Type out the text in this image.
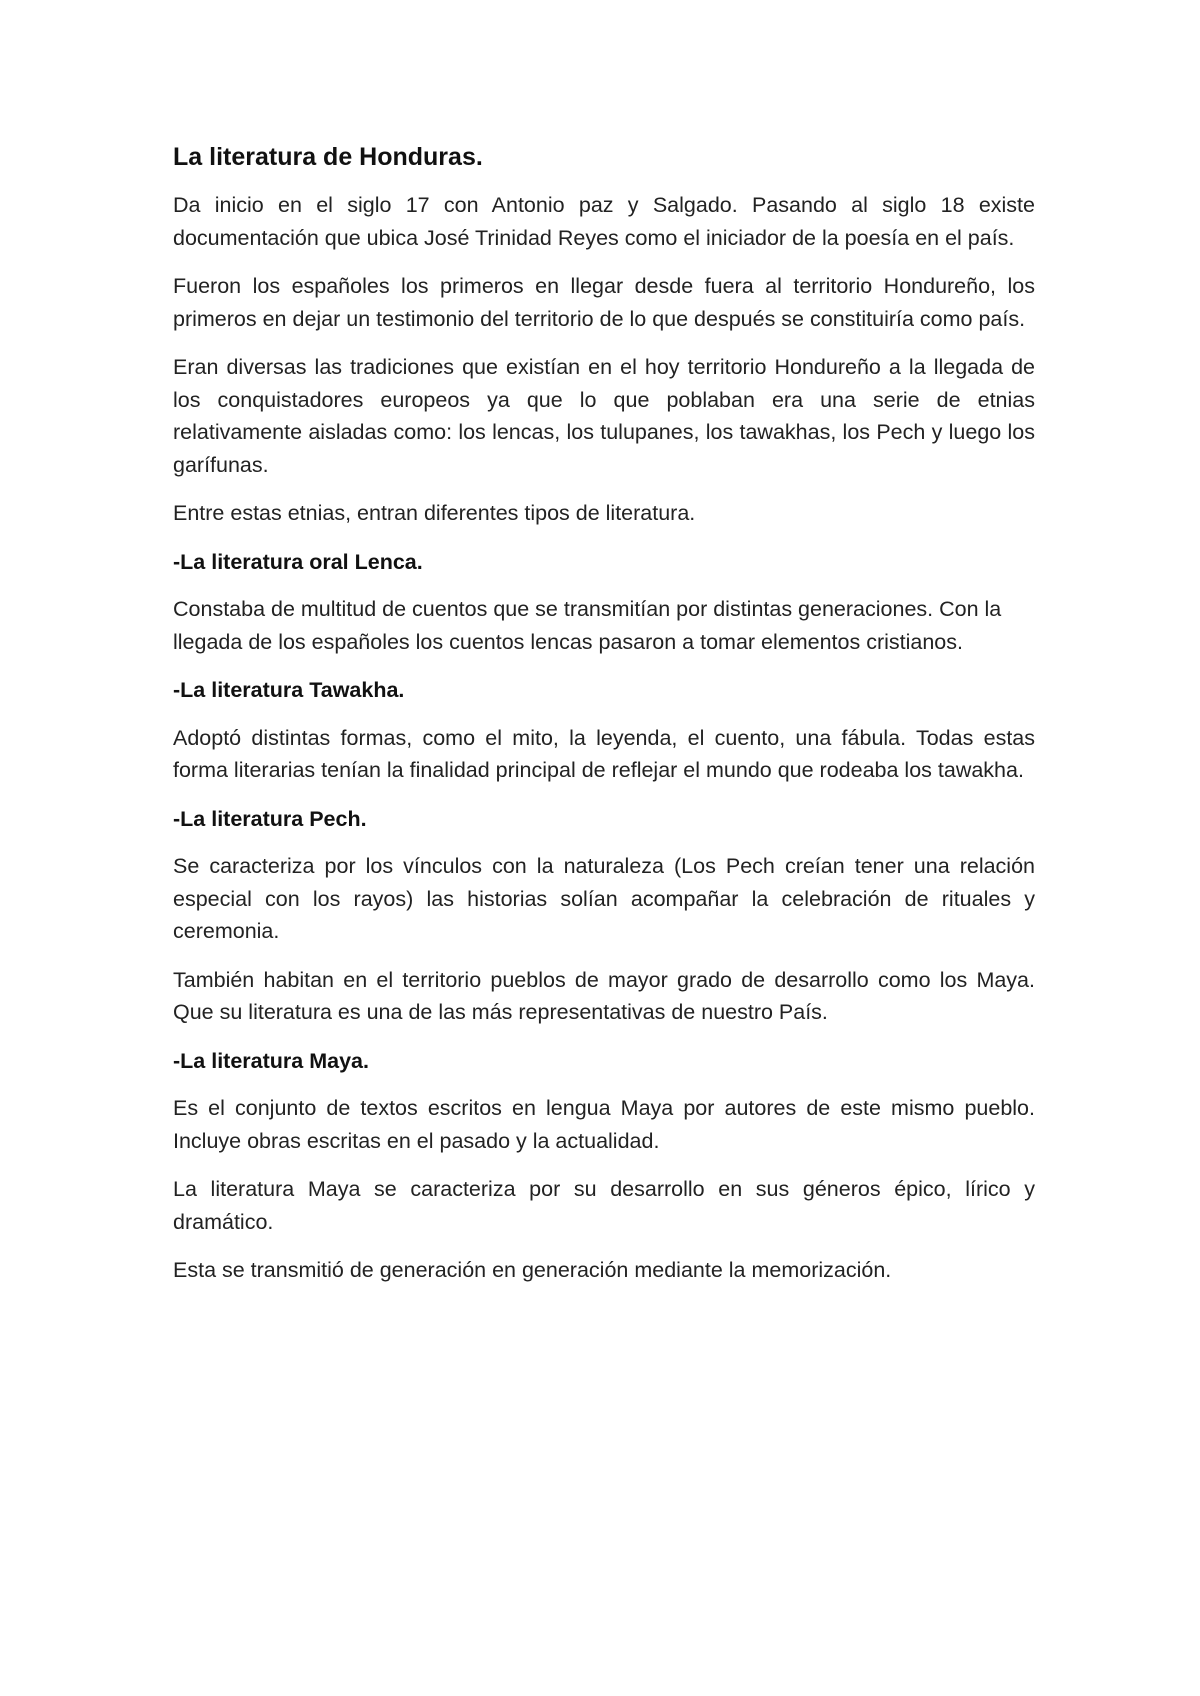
La literatura de Honduras.

Da inicio en el siglo 17 con Antonio paz y Salgado. Pasando al siglo 18 existe documentación que ubica José Trinidad Reyes como el iniciador de la poesía en el país.

Fueron los españoles los primeros en llegar desde fuera al territorio Hondureño, los primeros en dejar un testimonio del territorio de lo que después se constituiría como país.

Eran diversas las tradiciones que existían en el hoy territorio Hondureño a la llegada de los conquistadores europeos ya que lo que poblaban era una serie de etnias relativamente aisladas como: los lencas, los tulupanes, los tawakhas, los Pech y luego los garífunas.

Entre estas etnias, entran diferentes tipos de literatura.

-La literatura oral Lenca.

Constaba de multitud de cuentos que se transmitían por distintas generaciones. Con la llegada de los españoles los cuentos lencas pasaron a tomar elementos cristianos.

-La literatura Tawakha.

Adoptó distintas formas, como el mito, la leyenda, el cuento, una fábula. Todas estas forma literarias tenían la finalidad principal de reflejar el mundo que rodeaba los tawakha.

-La literatura Pech.

Se caracteriza por los vínculos con la naturaleza (Los Pech creían tener una relación especial con los rayos) las historias solían acompañar la celebración de rituales y ceremonia.

También habitan en el territorio pueblos de mayor grado de desarrollo como los Maya. Que su literatura es una de las más representativas de nuestro País.

-La literatura Maya.

Es el conjunto de textos escritos en lengua Maya por autores de este mismo pueblo. Incluye obras escritas en el pasado y la actualidad.

La literatura Maya se caracteriza por su desarrollo en sus géneros épico, lírico y dramático.

Esta se transmitió de generación en generación mediante la memorización.
